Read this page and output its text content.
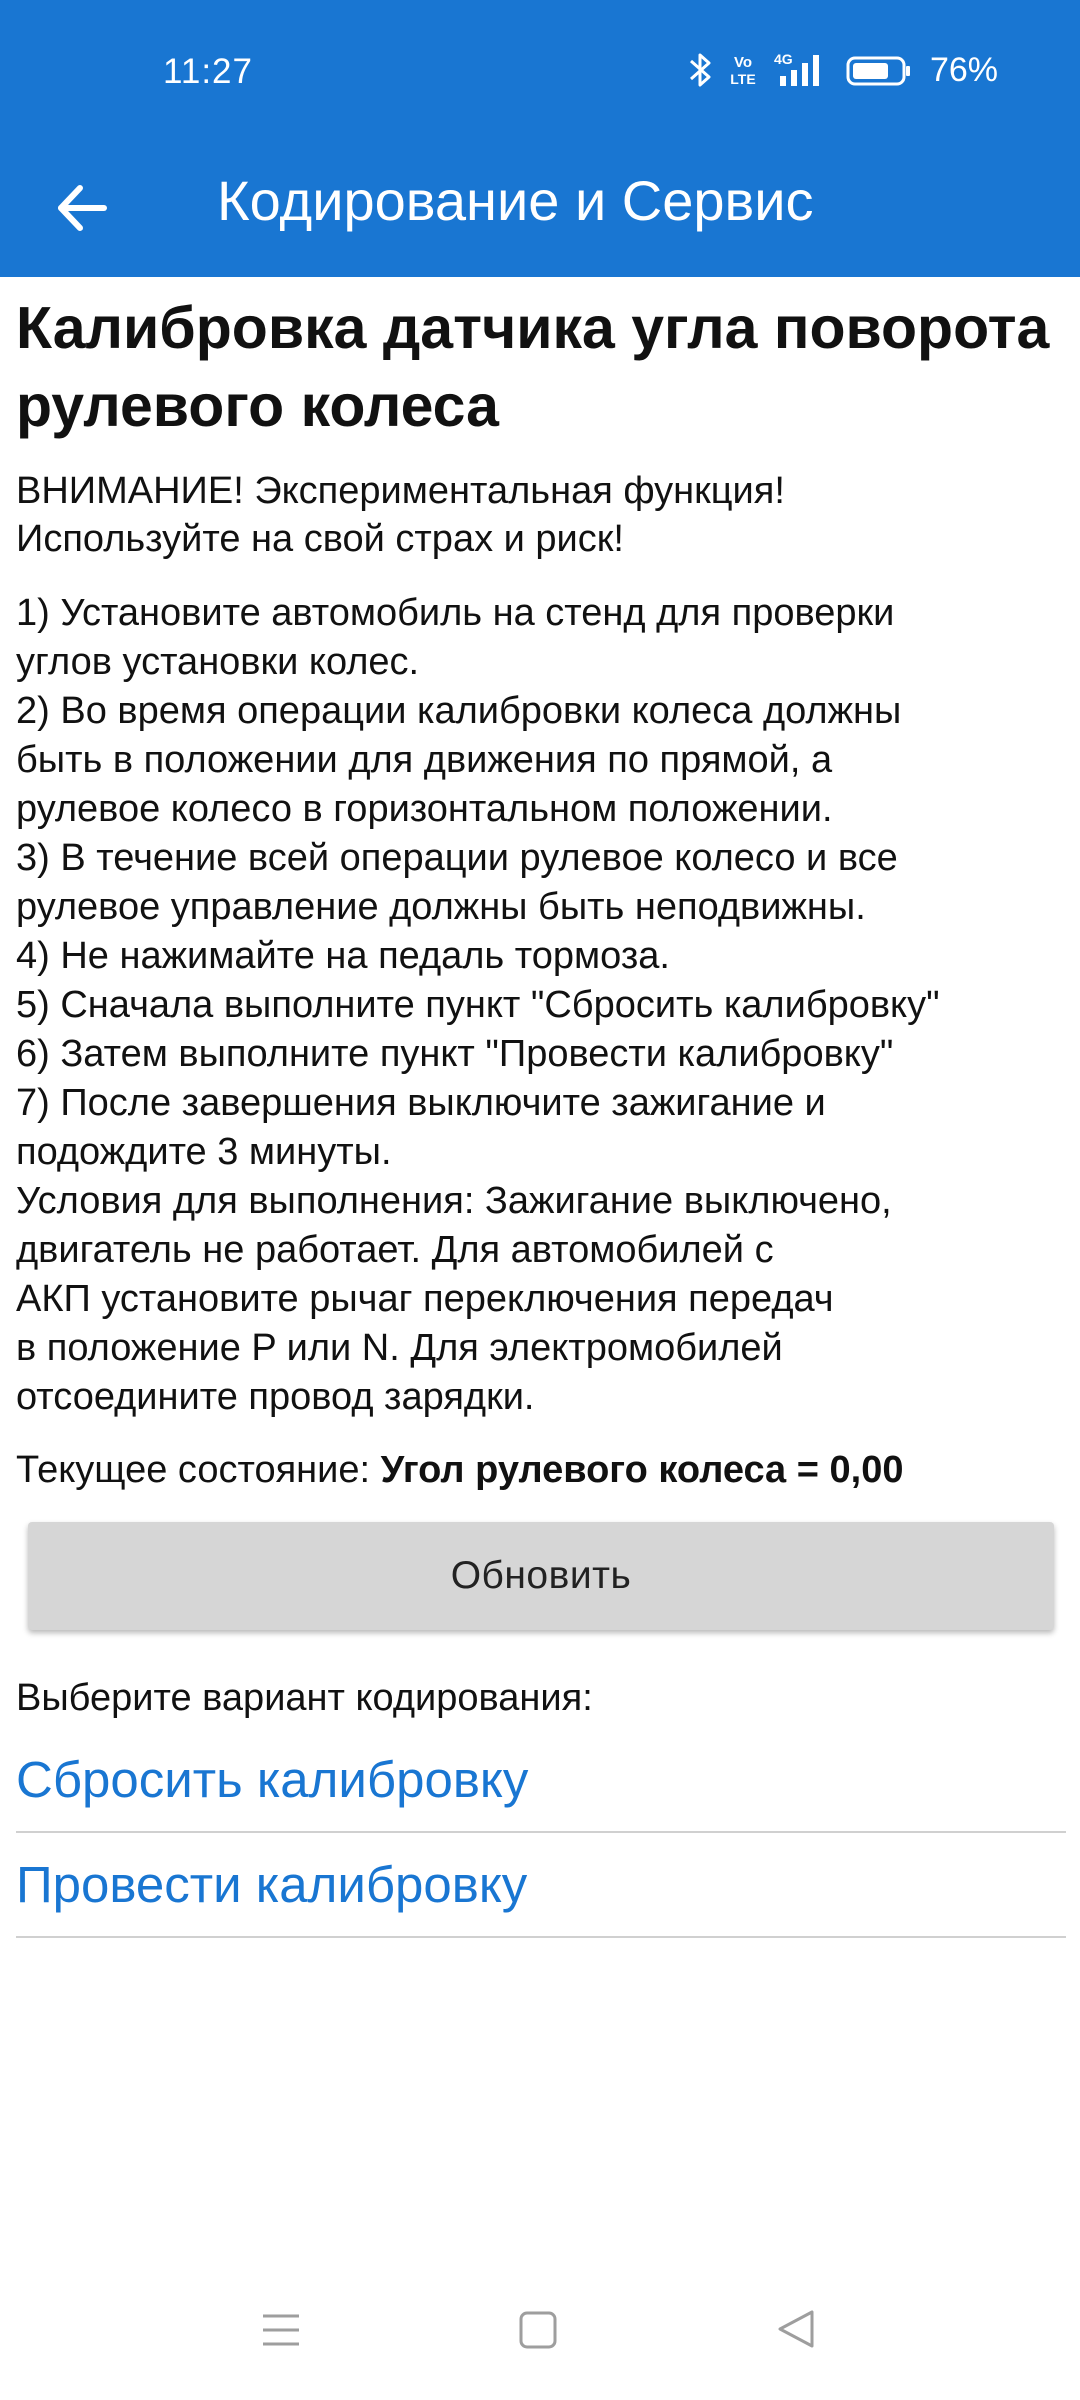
11:27	Vo
LTE
4G	76%
Кодирование и Сервис
Калибровка датчика угла поворота рулевого колеса

ВНИМАНИЕ! Экспериментальная функция!
Используйте на свой страх и риск!

1) Установите автомобиль на стенд для проверки
углов установки колес.
2) Во время операции калибровки колеса должны
быть в положении для движения по прямой, а
рулевое колесо в горизонтальном положении.
3) В течение всей операции рулевое колесо и все
рулевое управление должны быть неподвижны.
4) Не нажимайте на педаль тормоза.
5) Сначала выполните пункт "Сбросить калибровку"
6) Затем выполните пункт "Провести калибровку"
7) После завершения выключите зажигание и
подождите 3 минуты.
Условия для выполнения: Зажигание выключено,
двигатель не работает. Для автомобилей с
АКП установите рычаг переключения передач
в положение P или N. Для электромобилей
отсоедините провод зарядки.

Текущее состояние: Угол рулевого колеса = 0,00

Обновить

Выберите вариант кодирования:

Сбросить калибровку
Провести калибровку
